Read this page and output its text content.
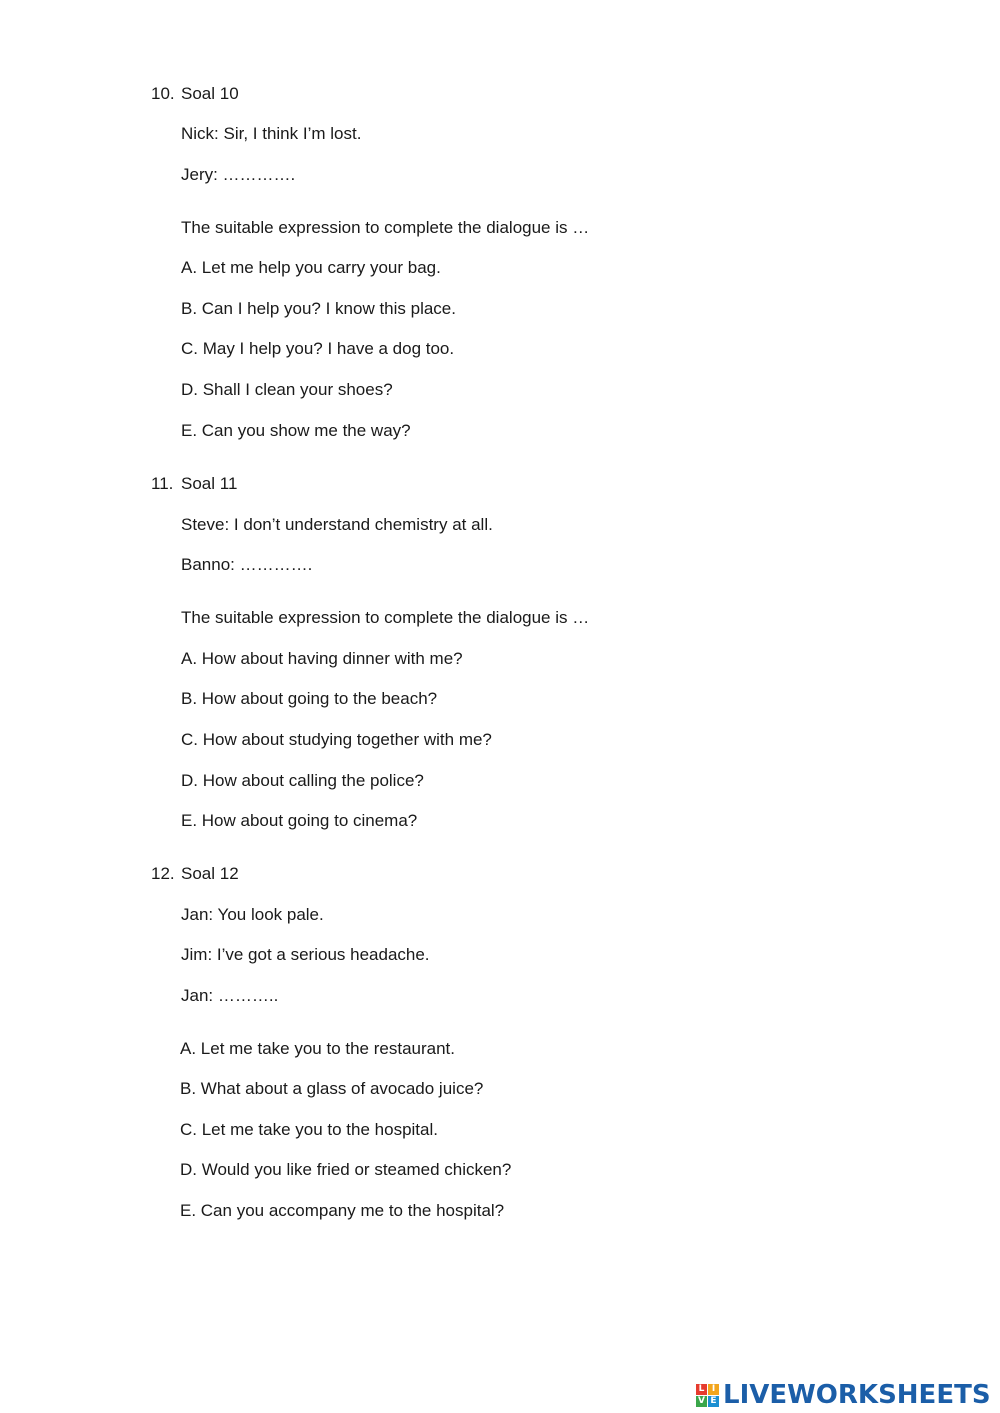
10. Soal 10
Nick: Sir, I think I’m lost.
Jery: ………….
The suitable expression to complete the dialogue is …
A. Let me help you carry your bag.
B. Can I help you? I know this place.
C. May I help you? I have a dog too.
D. Shall I clean your shoes?
E. Can you show me the way?
11. Soal 11
Steve: I don’t understand chemistry at all.
Banno: ………….
The suitable expression to complete the dialogue is …
A. How about having dinner with me?
B. How about going to the beach?
C. How about studying together with me?
D. How about calling the police?
E. How about going to cinema?
12. Soal 12
Jan: You look pale.
Jim: I’ve got a serious headache.
Jan: ………..
A. Let me take you to the restaurant.
B. What about a glass of avocado juice?
C. Let me take you to the hospital.
D. Would you like fried or steamed chicken?
E. Can you accompany me to the hospital?
L I
V E LIVEWORKSHEETS
